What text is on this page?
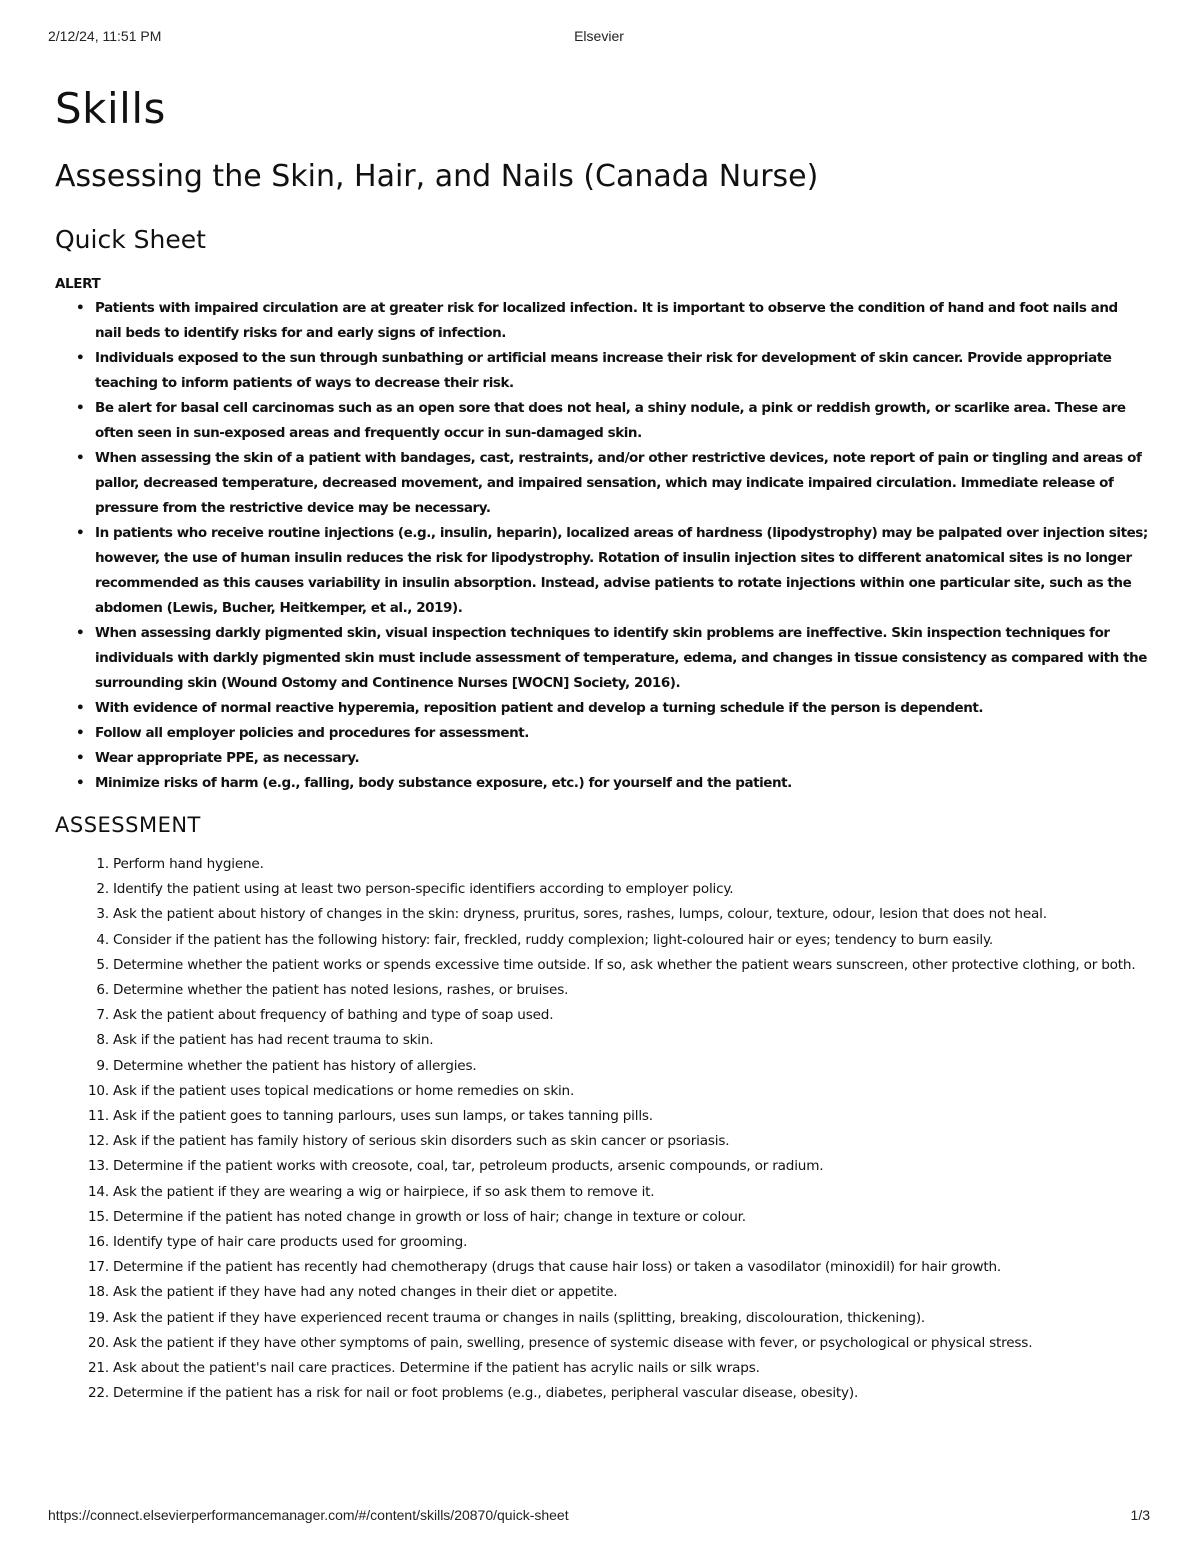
2/12/24, 11:51 PM	Elsevier
Skills
Assessing the Skin, Hair, and Nails (Canada Nurse)
Quick Sheet
ALERT
• Patients with impaired circulation are at greater risk for localized infection. It is important to observe the condition of hand and foot nails and nail beds to identify risks for and early signs of infection.
• Individuals exposed to the sun through sunbathing or artificial means increase their risk for development of skin cancer. Provide appropriate teaching to inform patients of ways to decrease their risk.
• Be alert for basal cell carcinomas such as an open sore that does not heal, a shiny nodule, a pink or reddish growth, or scarlike area. These are often seen in sun-exposed areas and frequently occur in sun-damaged skin.
• When assessing the skin of a patient with bandages, cast, restraints, and/or other restrictive devices, note report of pain or tingling and areas of pallor, decreased temperature, decreased movement, and impaired sensation, which may indicate impaired circulation. Immediate release of pressure from the restrictive device may be necessary.
• In patients who receive routine injections (e.g., insulin, heparin), localized areas of hardness (lipodystrophy) may be palpated over injection sites; however, the use of human insulin reduces the risk for lipodystrophy. Rotation of insulin injection sites to different anatomical sites is no longer recommended as this causes variability in insulin absorption. Instead, advise patients to rotate injections within one particular site, such as the abdomen (Lewis, Bucher, Heitkemper, et al., 2019).
• When assessing darkly pigmented skin, visual inspection techniques to identify skin problems are ineffective. Skin inspection techniques for individuals with darkly pigmented skin must include assessment of temperature, edema, and changes in tissue consistency as compared with the surrounding skin (Wound Ostomy and Continence Nurses [WOCN] Society, 2016).
• With evidence of normal reactive hyperemia, reposition patient and develop a turning schedule if the person is dependent.
• Follow all employer policies and procedures for assessment.
• Wear appropriate PPE, as necessary.
• Minimize risks of harm (e.g., falling, body substance exposure, etc.) for yourself and the patient.
ASSESSMENT
1. Perform hand hygiene.
2. Identify the patient using at least two person-specific identifiers according to employer policy.
3. Ask the patient about history of changes in the skin: dryness, pruritus, sores, rashes, lumps, colour, texture, odour, lesion that does not heal.
4. Consider if the patient has the following history: fair, freckled, ruddy complexion; light-coloured hair or eyes; tendency to burn easily.
5. Determine whether the patient works or spends excessive time outside. If so, ask whether the patient wears sunscreen, other protective clothing, or both.
6. Determine whether the patient has noted lesions, rashes, or bruises.
7. Ask the patient about frequency of bathing and type of soap used.
8. Ask if the patient has had recent trauma to skin.
9. Determine whether the patient has history of allergies.
10. Ask if the patient uses topical medications or home remedies on skin.
11. Ask if the patient goes to tanning parlours, uses sun lamps, or takes tanning pills.
12. Ask if the patient has family history of serious skin disorders such as skin cancer or psoriasis.
13. Determine if the patient works with creosote, coal, tar, petroleum products, arsenic compounds, or radium.
14. Ask the patient if they are wearing a wig or hairpiece, if so ask them to remove it.
15. Determine if the patient has noted change in growth or loss of hair; change in texture or colour.
16. Identify type of hair care products used for grooming.
17. Determine if the patient has recently had chemotherapy (drugs that cause hair loss) or taken a vasodilator (minoxidil) for hair growth.
18. Ask the patient if they have had any noted changes in their diet or appetite.
19. Ask the patient if they have experienced recent trauma or changes in nails (splitting, breaking, discolouration, thickening).
20. Ask the patient if they have other symptoms of pain, swelling, presence of systemic disease with fever, or psychological or physical stress.
21. Ask about the patient's nail care practices. Determine if the patient has acrylic nails or silk wraps.
22. Determine if the patient has a risk for nail or foot problems (e.g., diabetes, peripheral vascular disease, obesity).
https://connect.elsevierperformancemanager.com/#/content/skills/20870/quick-sheet	1/3
